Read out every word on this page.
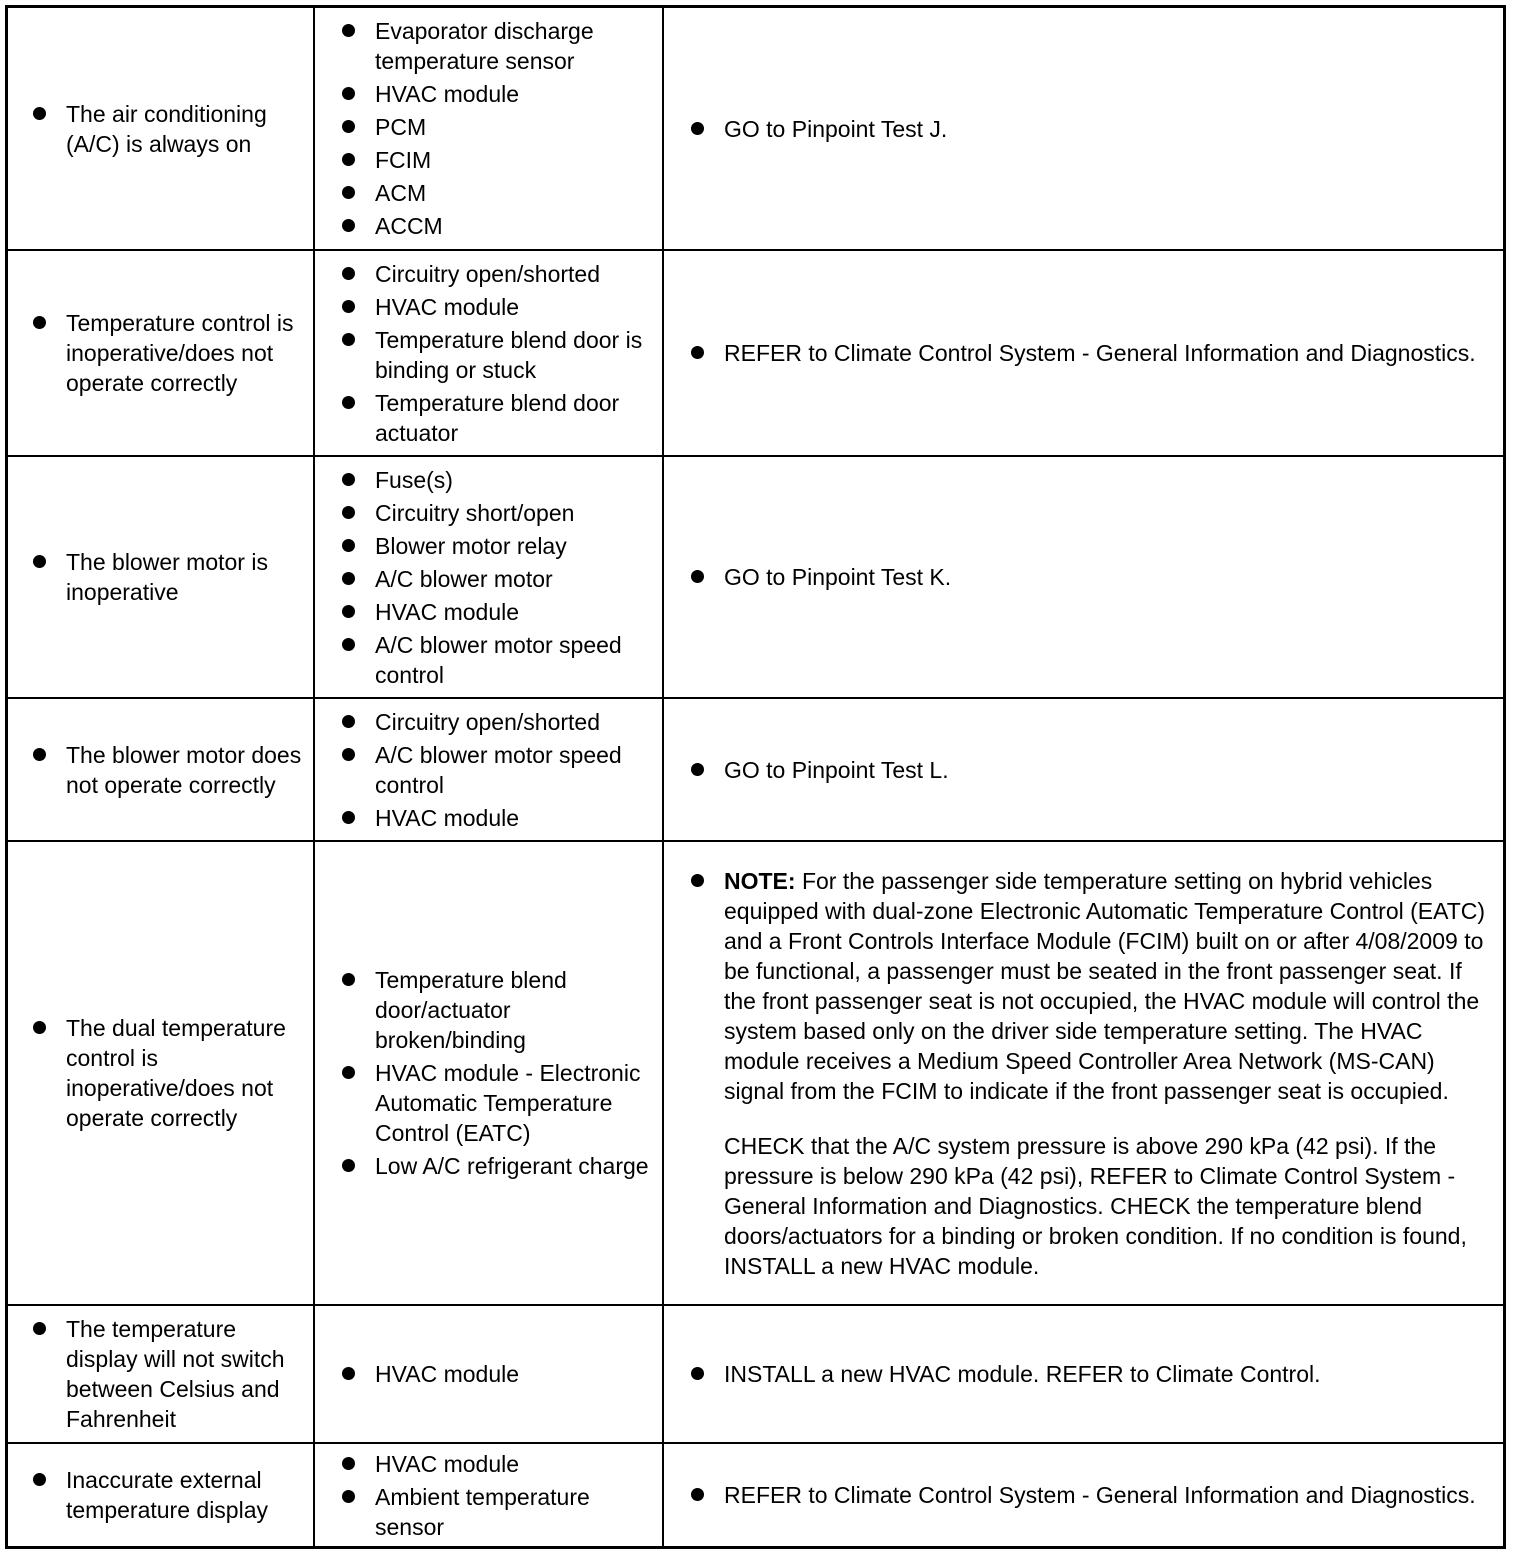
The air conditioning (A/C) is always on
Evaporator discharge temperature sensor
HVAC module
PCM
FCIM
ACM
ACCM
GO to Pinpoint Test J.
Temperature control is inoperative/does not operate correctly
Circuitry open/shorted
HVAC module
Temperature blend door is binding or stuck
Temperature blend door actuator
REFER to Climate Control System - General Information and Diagnostics.
The blower motor is inoperative
Fuse(s)
Circuitry short/open
Blower motor relay
A/C blower motor
HVAC module
A/C blower motor speed control
GO to Pinpoint Test K.
The blower motor does not operate correctly
Circuitry open/shorted
A/C blower motor speed control
HVAC module
GO to Pinpoint Test L.
The dual temperature control is inoperative/does not operate correctly
Temperature blend door/actuator broken/binding
HVAC module - Electronic Automatic Temperature Control (EATC)
Low A/C refrigerant charge
NOTE: For the passenger side temperature setting on hybrid vehicles equipped with dual-zone Electronic Automatic Temperature Control (EATC) and a Front Controls Interface Module (FCIM) built on or after 4/08/2009 to be functional, a passenger must be seated in the front passenger seat. If the front passenger seat is not occupied, the HVAC module will control the system based only on the driver side temperature setting. The HVAC module receives a Medium Speed Controller Area Network (MS-CAN) signal from the FCIM to indicate if the front passenger seat is occupied.
CHECK that the A/C system pressure is above 290 kPa (42 psi). If the pressure is below 290 kPa (42 psi), REFER to Climate Control System - General Information and Diagnostics. CHECK the temperature blend doors/actuators for a binding or broken condition. If no condition is found, INSTALL a new HVAC module.
The temperature display will not switch between Celsius and Fahrenheit
HVAC module	INSTALL a new HVAC module. REFER to Climate Control.
Inaccurate external temperature display
HVAC module
Ambient temperature sensor
REFER to Climate Control System - General Information and Diagnostics.
